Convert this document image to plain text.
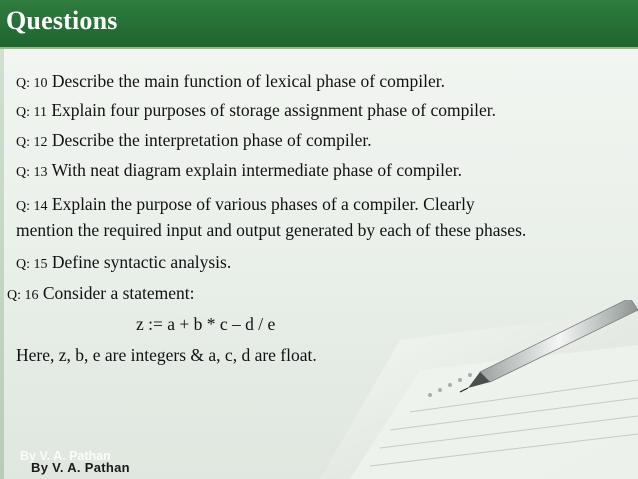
Questions
Q: 10 Describe the main function of lexical phase of compiler.
Q: 11 Explain four purposes of storage assignment phase of compiler.
Q: 12 Describe the interpretation phase of compiler.
Q: 13 With neat diagram explain intermediate phase of compiler.
Q: 14 Explain the purpose of various phases of a compiler. Clearly
mention the required input and output generated by each of these phases.
Q: 15 Define syntactic analysis.
Q: 16 Consider a statement:
z := a + b * c – d / e
Here, z, b, e are integers & a, c, d are float.
By V. A. Pathan
By V. A. Pathan
